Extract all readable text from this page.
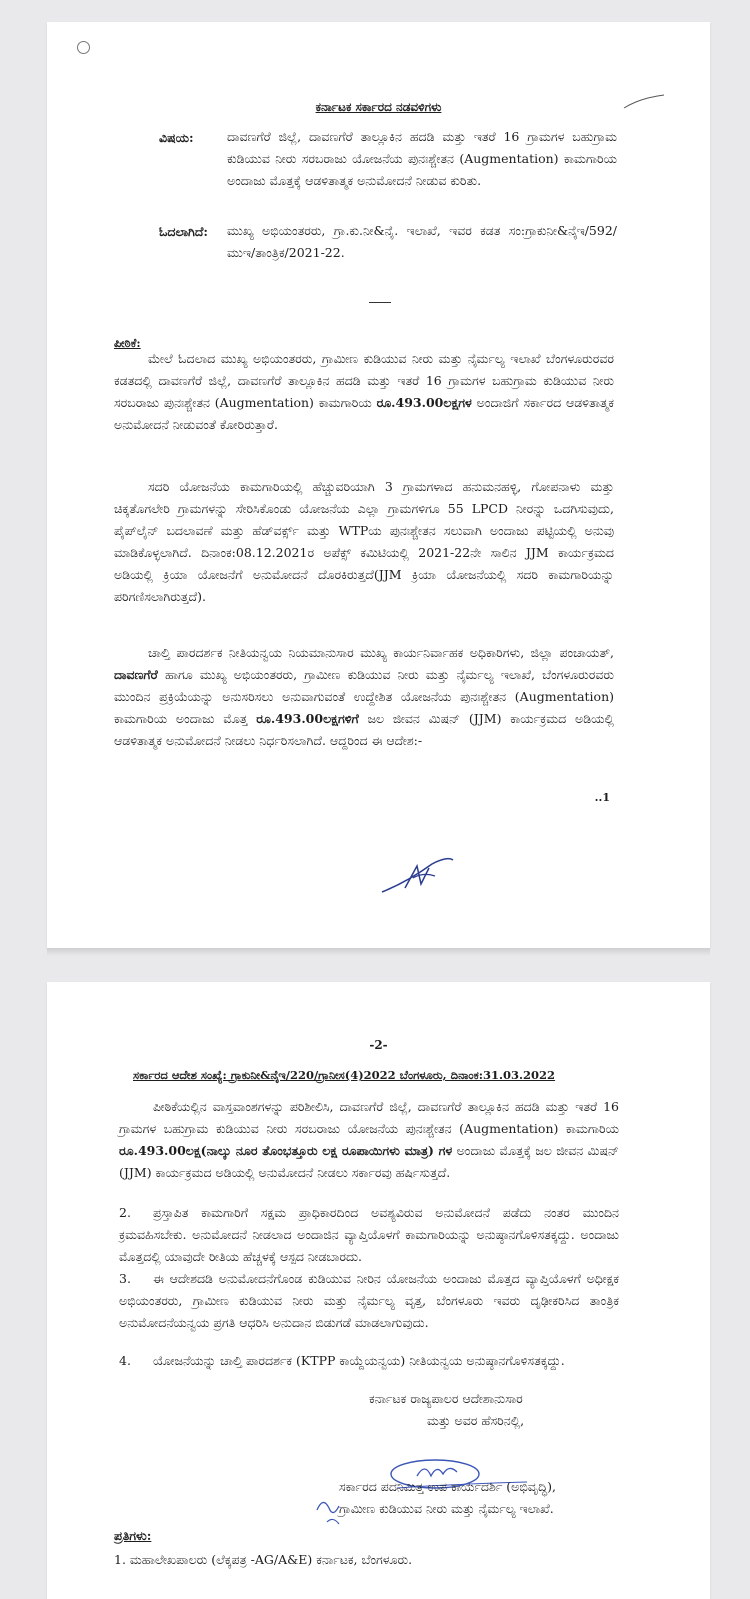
ಕರ್ನಾಟಕ ಸರ್ಕಾರದ ನಡವಳಿಗಳು
ವಿಷಯ:	ದಾವಣಗೆರೆ ಜಿಲ್ಲೆ, ದಾವಣಗೆರೆ ತಾಲ್ಲೂಕಿನ ಹದಡಿ ಮತ್ತು ಇತರೆ 16 ಗ್ರಾಮಗಳ ಬಹುಗ್ರಾಮ ಕುಡಿಯುವ ನೀರು ಸರಬರಾಜು ಯೋಜನೆಯ ಪುನಃಶ್ಚೇತನ (Augmentation) ಕಾಮಗಾರಿಯ ಅಂದಾಜು ಮೊತ್ತಕ್ಕೆ ಆಡಳಿತಾತ್ಮಕ ಅನುಮೋದನೆ ನೀಡುವ ಕುರಿತು.
ಓದಲಾಗಿದೆ:	ಮುಖ್ಯ ಅಭಿಯಂತರರು, ಗ್ರಾ.ಕು.ನೀ&ನೈ. ಇಲಾಖೆ, ಇವರ ಕಡತ ಸಂ:ಗ್ರಾಕುನೀ&ನೈಇ/592/ಮುಇ/ತಾಂತ್ರಿಕ/2021-22.
ಪೀಠಿಕೆ:
ಮೇಲೆ ಓದಲಾದ ಮುಖ್ಯ ಅಭಿಯಂತರರು, ಗ್ರಾಮೀಣ ಕುಡಿಯುವ ನೀರು ಮತ್ತು ನೈರ್ಮಲ್ಯ ಇಲಾಖೆ ಬೆಂಗಳೂರುರವರ ಕಡತದಲ್ಲಿ ದಾವಣಗೆರೆ ಜಿಲ್ಲೆ, ದಾವಣಗೆರೆ ತಾಲ್ಲೂಕಿನ ಹದಡಿ ಮತ್ತು ಇತರೆ 16 ಗ್ರಾಮಗಳ ಬಹುಗ್ರಾಮ ಕುಡಿಯುವ ನೀರು ಸರಬರಾಜು ಪುನಃಶ್ಚೇತನ (Augmentation) ಕಾಮಗಾರಿಯ ರೂ.493.00ಲಕ್ಷಗಳ ಅಂದಾಜಿಗೆ ಸರ್ಕಾರದ ಆಡಳಿತಾತ್ಮಕ ಅನುಮೋದನೆ ನೀಡುವಂತೆ ಕೋರಿರುತ್ತಾರೆ.
ಸದರಿ ಯೋಜನೆಯ ಕಾಮಗಾರಿಯಲ್ಲಿ ಹೆಚ್ಚುವರಿಯಾಗಿ 3 ಗ್ರಾಮಗಳಾದ ಹನುಮನಹಳ್ಳಿ, ಗೋಪನಾಳು ಮತ್ತು ಚಿಕ್ಕತೊಗಲೇರಿ ಗ್ರಾಮಗಳನ್ನು ಸೇರಿಸಿಕೊಂಡು ಯೋಜನೆಯ ಎಲ್ಲಾ ಗ್ರಾಮಗಳಿಗೂ 55 LPCD ನೀರನ್ನು ಒದಗಿಸುವುದು, ಪೈಪ್‌ಲೈನ್ ಬದಲಾವಣೆ ಮತ್ತು ಹೆಡ್‌ವರ್ಕ್ಸ್ ಮತ್ತು WTPಯ ಪುನಃಶ್ಚೇತನ ಸಲುವಾಗಿ ಅಂದಾಜು ಪಟ್ಟಿಯಲ್ಲಿ ಅನುವು ಮಾಡಿಕೊಳ್ಳಲಾಗಿದೆ. ದಿನಾಂಕ:08.12.2021ರ ಅಪೆಕ್ಸ್ ಕಮಿಟಿಯಲ್ಲಿ 2021-22ನೇ ಸಾಲಿನ JJM ಕಾರ್ಯಕ್ರಮದ ಅಡಿಯಲ್ಲಿ ಕ್ರಿಯಾ ಯೋಜನೆಗೆ ಅನುಮೋದನೆ ದೊರಕಿರುತ್ತದೆ(JJM ಕ್ರಿಯಾ ಯೋಜನೆಯಲ್ಲಿ ಸದರಿ ಕಾಮಗಾರಿಯನ್ನು ಪರಿಗಣಿಸಲಾಗಿರುತ್ತದೆ).
ಚಾಲ್ತಿ ಪಾರದರ್ಶಕ ನೀತಿಯನ್ವಯ ನಿಯಮಾನುಸಾರ ಮುಖ್ಯ ಕಾರ್ಯನಿರ್ವಾಹಕ ಅಧಿಕಾರಿಗಳು, ಜಿಲ್ಲಾ ಪಂಚಾಯತ್, ದಾವಣಗೆರೆ ಹಾಗೂ ಮುಖ್ಯ ಅಭಿಯಂತರರು, ಗ್ರಾಮೀಣ ಕುಡಿಯುವ ನೀರು ಮತ್ತು ನೈರ್ಮಲ್ಯ ಇಲಾಖೆ, ಬೆಂಗಳೂರುರವರು ಮುಂದಿನ ಪ್ರಕ್ರಿಯೆಯನ್ನು ಅನುಸರಿಸಲು ಅನುವಾಗುವಂತೆ ಉದ್ದೇಶಿತ ಯೋಜನೆಯ ಪುನಃಶ್ಚೇತನ (Augmentation) ಕಾಮಗಾರಿಯ ಅಂದಾಜು ಮೊತ್ತ ರೂ.493.00ಲಕ್ಷಗಳಿಗೆ ಜಲ ಜೀವನ ಮಿಷನ್ (JJM) ಕಾರ್ಯಕ್ರಮದ ಅಡಿಯಲ್ಲಿ ಆಡಳಿತಾತ್ಮಕ ಅನುಮೋದನೆ ನೀಡಲು ನಿರ್ಧರಿಸಲಾಗಿದೆ. ಆದ್ದರಿಂದ ಈ ಆದೇಶ:-
..1
-2-
ಸರ್ಕಾರದ ಆದೇಶ ಸಂಖ್ಯೆ: ಗ್ರಾಕುನೀ&ನೈಇ/220/ಗ್ರಾನೀಸ(4)2022 ಬೆಂಗಳೂರು, ದಿನಾಂಕ:31.03.2022
ಪೀಠಿಕೆಯಲ್ಲಿನ ವಾಸ್ತವಾಂಶಗಳನ್ನು ಪರಿಶೀಲಿಸಿ, ದಾವಣಗೆರೆ ಜಿಲ್ಲೆ, ದಾವಣಗೆರೆ ತಾಲ್ಲೂಕಿನ ಹದಡಿ ಮತ್ತು ಇತರೆ 16 ಗ್ರಾಮಗಳ ಬಹುಗ್ರಾಮ ಕುಡಿಯುವ ನೀರು ಸರಬರಾಜು ಯೋಜನೆಯ ಪುನಃಶ್ಚೇತನ (Augmentation) ಕಾಮಗಾರಿಯ ರೂ.493.00ಲಕ್ಷ(ನಾಲ್ಕು ನೂರ ತೊಂಭತ್ತೂರು ಲಕ್ಷ ರೂಪಾಯಿಗಳು ಮಾತ್ರ) ಗಳ ಅಂದಾಜು ಮೊತ್ತಕ್ಕೆ ಜಲ ಜೀವನ ಮಿಷನ್ (JJM) ಕಾರ್ಯಕ್ರಮದ ಅಡಿಯಲ್ಲಿ ಅನುಮೋದನೆ ನೀಡಲು ಸರ್ಕಾರವು ಹರ್ಷಿಸುತ್ತದೆ.
2. ಪ್ರಸ್ತಾಪಿತ ಕಾಮಗಾರಿಗೆ ಸಕ್ಷಮ ಪ್ರಾಧಿಕಾರದಿಂದ ಅವಶ್ಯವಿರುವ ಅನುಮೋದನೆ ಪಡೆದು ನಂತರ ಮುಂದಿನ ಕ್ರಮವಹಿಸಬೇಕು. ಅನುಮೋದನೆ ನೀಡಲಾದ ಅಂದಾಜಿನ ವ್ಯಾಪ್ತಿಯೊಳಗೆ ಕಾಮಗಾರಿಯನ್ನು ಅನುಷ್ಠಾನಗೊಳಿಸತಕ್ಕದ್ದು. ಅಂದಾಜು ಮೊತ್ತದಲ್ಲಿ ಯಾವುದೇ ರೀತಿಯ ಹೆಚ್ಚಳಕ್ಕೆ ಆಸ್ಪದ ನೀಡಬಾರದು.
3. ಈ ಆದೇಶದಡಿ ಅನುಮೋದನೆಗೊಂಡ ಕುಡಿಯುವ ನೀರಿನ ಯೋಜನೆಯ ಅಂದಾಜು ಮೊತ್ತದ ವ್ಯಾಪ್ತಿಯೊಳಗೆ ಅಧೀಕ್ಷಕ ಅಭಿಯಂತರರು, ಗ್ರಾಮೀಣ ಕುಡಿಯುವ ನೀರು ಮತ್ತು ನೈರ್ಮಲ್ಯ ವೃತ್ತ, ಬೆಂಗಳೂರು ಇವರು ದೃಢೀಕರಿಸಿದ ತಾಂತ್ರಿಕ ಅನುಮೋದನೆಯನ್ವಯ ಪ್ರಗತಿ ಆಧರಿಸಿ ಅನುದಾನ ಬಿಡುಗಡೆ ಮಾಡಲಾಗುವುದು.
4. ಯೋಜನೆಯನ್ನು ಚಾಲ್ತಿ ಪಾರದರ್ಶಕ (KTPP ಕಾಯ್ದೆಯನ್ವಯ) ನೀತಿಯನ್ವಯ ಅನುಷ್ಠಾನಗೊಳಿಸತಕ್ಕದ್ದು.
ಕರ್ನಾಟಕ ರಾಜ್ಯಪಾಲರ ಆದೇಶಾನುಸಾರ
ಮತ್ತು ಅವರ ಹೆಸರಿನಲ್ಲಿ,
ಸರ್ಕಾರದ ಪದನಿಮಿತ್ತ ಉಪ ಕಾರ್ಯದರ್ಶಿ (ಅಭಿವೃದ್ಧಿ),
ಗ್ರಾಮೀಣ ಕುಡಿಯುವ ನೀರು ಮತ್ತು ನೈರ್ಮಲ್ಯ ಇಲಾಖೆ.
ಪ್ರತಿಗಳು:
1. ಮಹಾಲೇಖಪಾಲರು (ಲೆಕ್ಕಪತ್ರ -AG/A&E) ಕರ್ನಾಟಕ, ಬೆಂಗಳೂರು.
